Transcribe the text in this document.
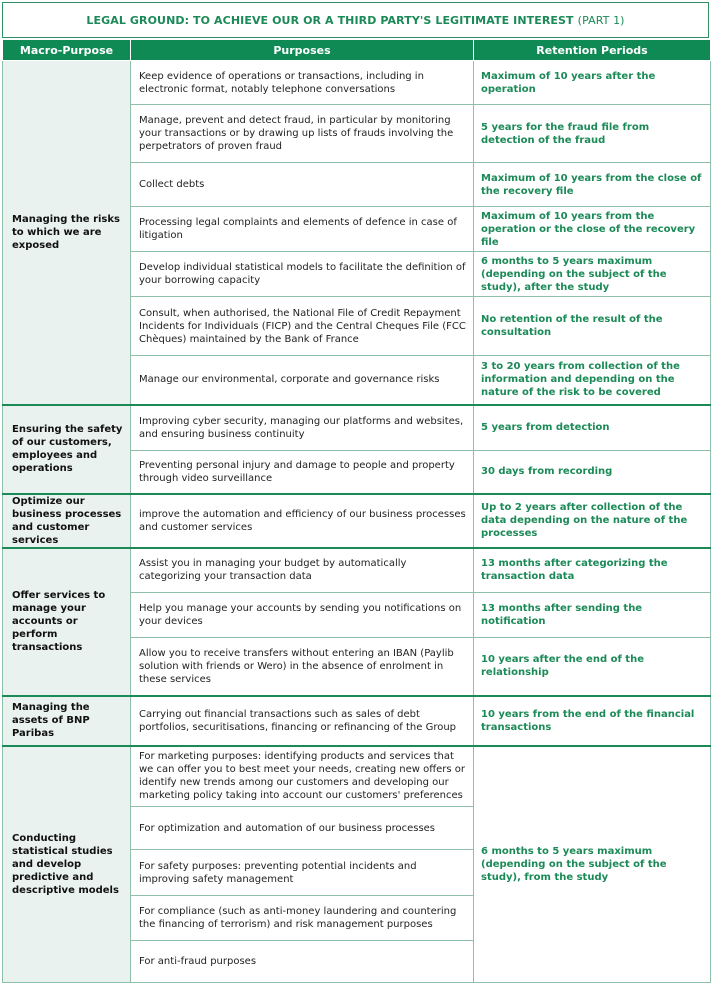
LEGAL GROUND: TO ACHIEVE OUR OR A THIRD PARTY'S LEGITIMATE INTEREST (PART 1)
Macro-Purpose	Purposes	Retention Periods
Managing the risks to which we are exposed	Keep evidence of operations or transactions, including in electronic format, notably telephone conversations	Maximum of 10 years after the operation
	Manage, prevent and detect fraud, in particular by monitoring your transactions or by drawing up lists of frauds involving the perpetrators of proven fraud	5 years for the fraud file from detection of the fraud
	Collect debts	Maximum of 10 years from the close of the recovery file
	Processing legal complaints and elements of defence in case of litigation	Maximum of 10 years from the operation or the close of the recovery file
	Develop individual statistical models to facilitate the definition of your borrowing capacity	6 months to 5 years maximum (depending on the subject of the study), after the study
	Consult, when authorised, the National File of Credit Repayment Incidents for Individuals (FICP) and the Central Cheques File (FCC Chèques) maintained by the Bank of France	No retention of the result of the consultation
	Manage our environmental, corporate and governance risks	3 to 20 years from collection of the information and depending on the nature of the risk to be covered
Ensuring the safety of our customers, employees and operations	Improving cyber security, managing our platforms and websites, and ensuring business continuity	5 years from detection
	Preventing personal injury and damage to people and property through video surveillance	30 days from recording
Optimize our business processes and customer services	improve the automation and efficiency of our business processes and customer services	Up to 2 years after collection of the data depending on the nature of the processes
Offer services to manage your accounts or perform transactions	Assist you in managing your budget by automatically categorizing your transaction data	13 months after categorizing the transaction data
	Help you manage your accounts by sending you notifications on your devices	13 months after sending the notification
	Allow you to receive transfers without entering an IBAN (Paylib solution with friends or Wero) in the absence of enrolment in these services	10 years after the end of the relationship
Managing the assets of BNP Paribas	Carrying out financial transactions such as sales of debt portfolios, securitisations, financing or refinancing of the Group	10 years from the end of the financial transactions
Conducting statistical studies and develop predictive and descriptive models	For marketing purposes: identifying products and services that we can offer you to best meet your needs, creating new offers or identify new trends among our customers and developing our marketing policy taking into account our customers' preferences	6 months to 5 years maximum (depending on the subject of the study), from the study
	For optimization and automation of our business processes	
	For safety purposes: preventing potential incidents and improving safety management	
	For compliance (such as anti-money laundering and countering the financing of terrorism) and risk management purposes	
	For anti-fraud purposes	
